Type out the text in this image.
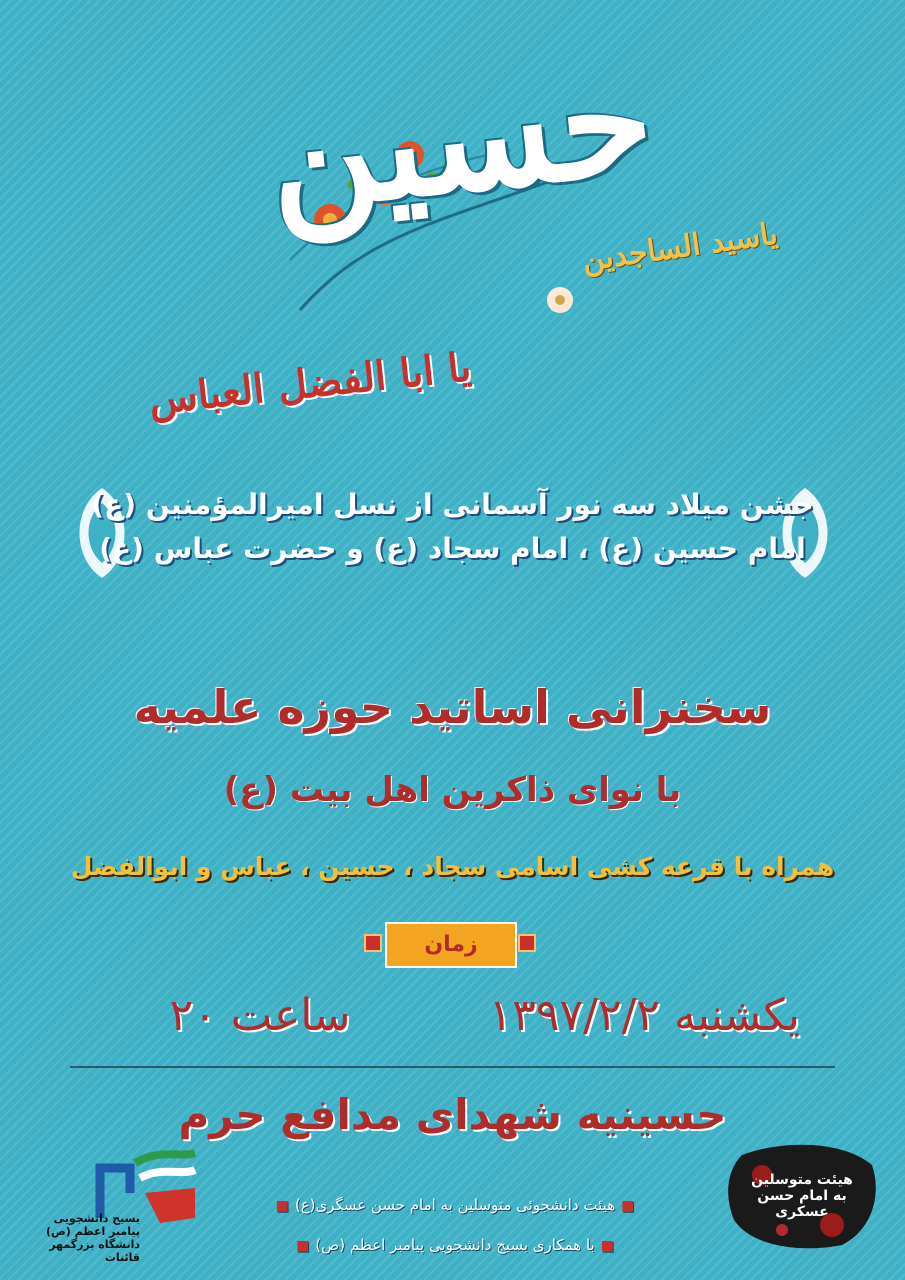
حسین
یاسید الساجدین
یا ابا الفضل العباس
جشن میلاد سه نور آسمانی از نسل امیرالمؤمنین (ع)
امام حسین (ع) ، امام سجاد (ع) و حضرت عباس (ع)
سخنرانی اساتید حوزه علمیه
با نوای ذاکرین اهل بیت (ع)
همراه با قرعه کشی اسامی سجاد ، حسین ، عباس و ابوالفضل
زمان
یکشنبه ۱۳۹۷/۲/۲
ساعت ۲۰
حسینیه شهدای مدافع حرم
بسیج دانشجویی
پیامبر اعظم (ص)
دانشگاه بزرگمهر قائنات
■هیئت دانشجوئی متوسلین به امام حسن عسگری(ع)■
■با همکاری بسیج دانشجویی پیامبر اعظم (ص)■
هیئت متوسلین به امام حسن عسکری
